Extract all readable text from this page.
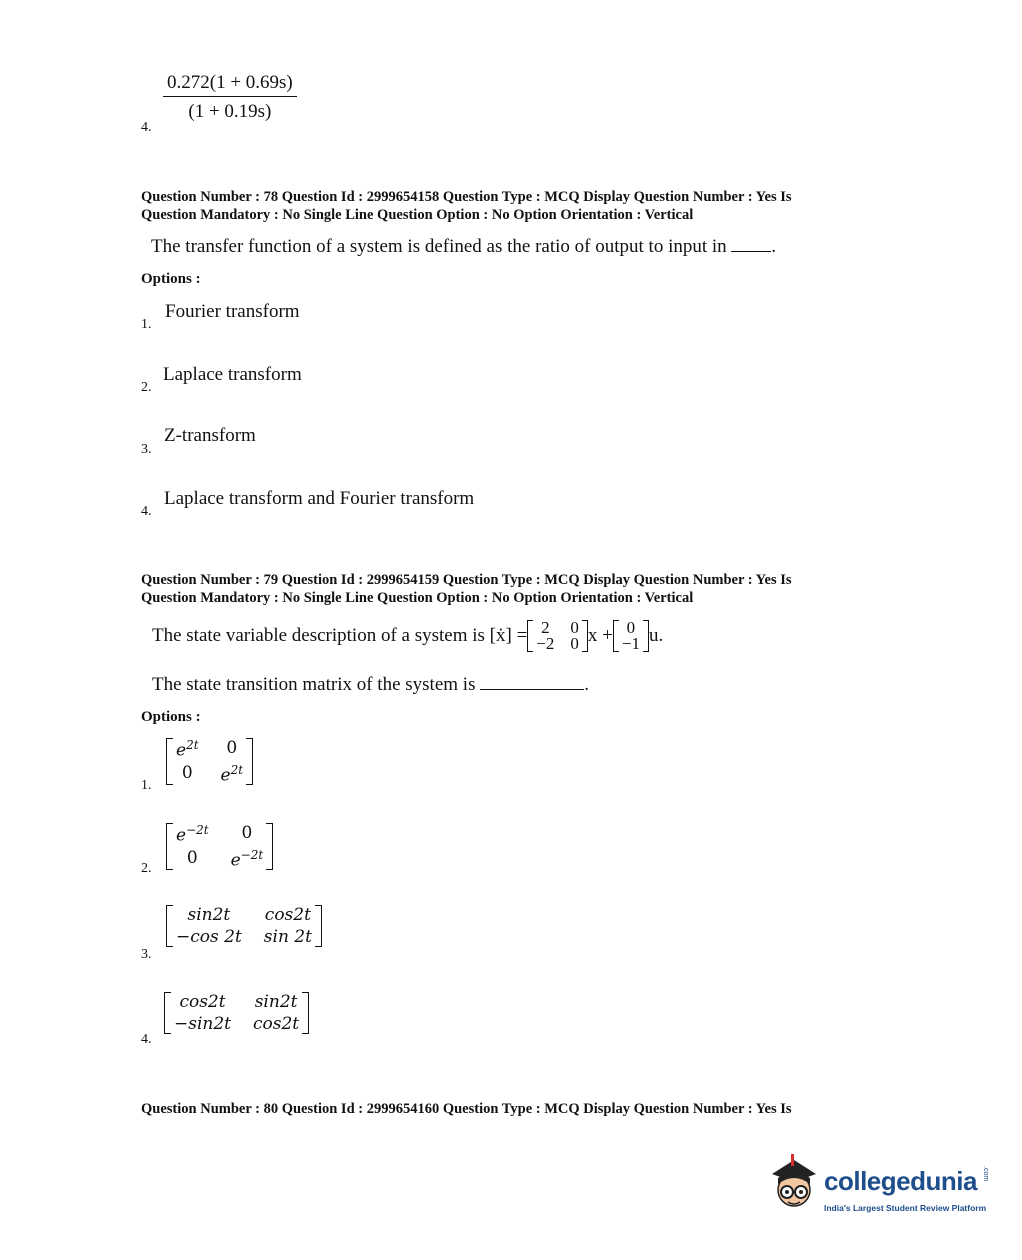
$\frac{0.272(1 + 0.69s)}{(1 + 0.19s)}$
4.
Question Number : 78 Question Id : 2999654158 Question Type : MCQ Display Question Number : Yes Is
Question Mandatory : No Single Line Question Option : No Option Orientation : Vertical
The transfer function of a system is defined as the ratio of output to input in .
Options :
Fourier transform
1.
Laplace transform
2.
Z-transform
3.
Laplace transform and Fourier transform
4.
Question Number : 79 Question Id : 2999654159 Question Type : MCQ Display Question Number : Yes Is
Question Mandatory : No Single Line Question Option : No Option Orientation : Vertical
The state variable description of a system is [ẋ] = 2 0
−2 0 x + 0
−1 u.
The state transition matrix of the system is	.
Options :
$e^{2t}$	0
0	$e^{2t}$
1.
$e^{-2t}$	0
0	$e^{-2t}$
2.
sin2t	cos2t
−cos 2t sin 2t
3.
cos2t	sin2t
−sin2t cos2t
4.
Question Number : 80 Question Id : 2999654160 Question Type : MCQ Display Question Number : Yes Is
collegedunia .com
India's Largest Student Review Platform
